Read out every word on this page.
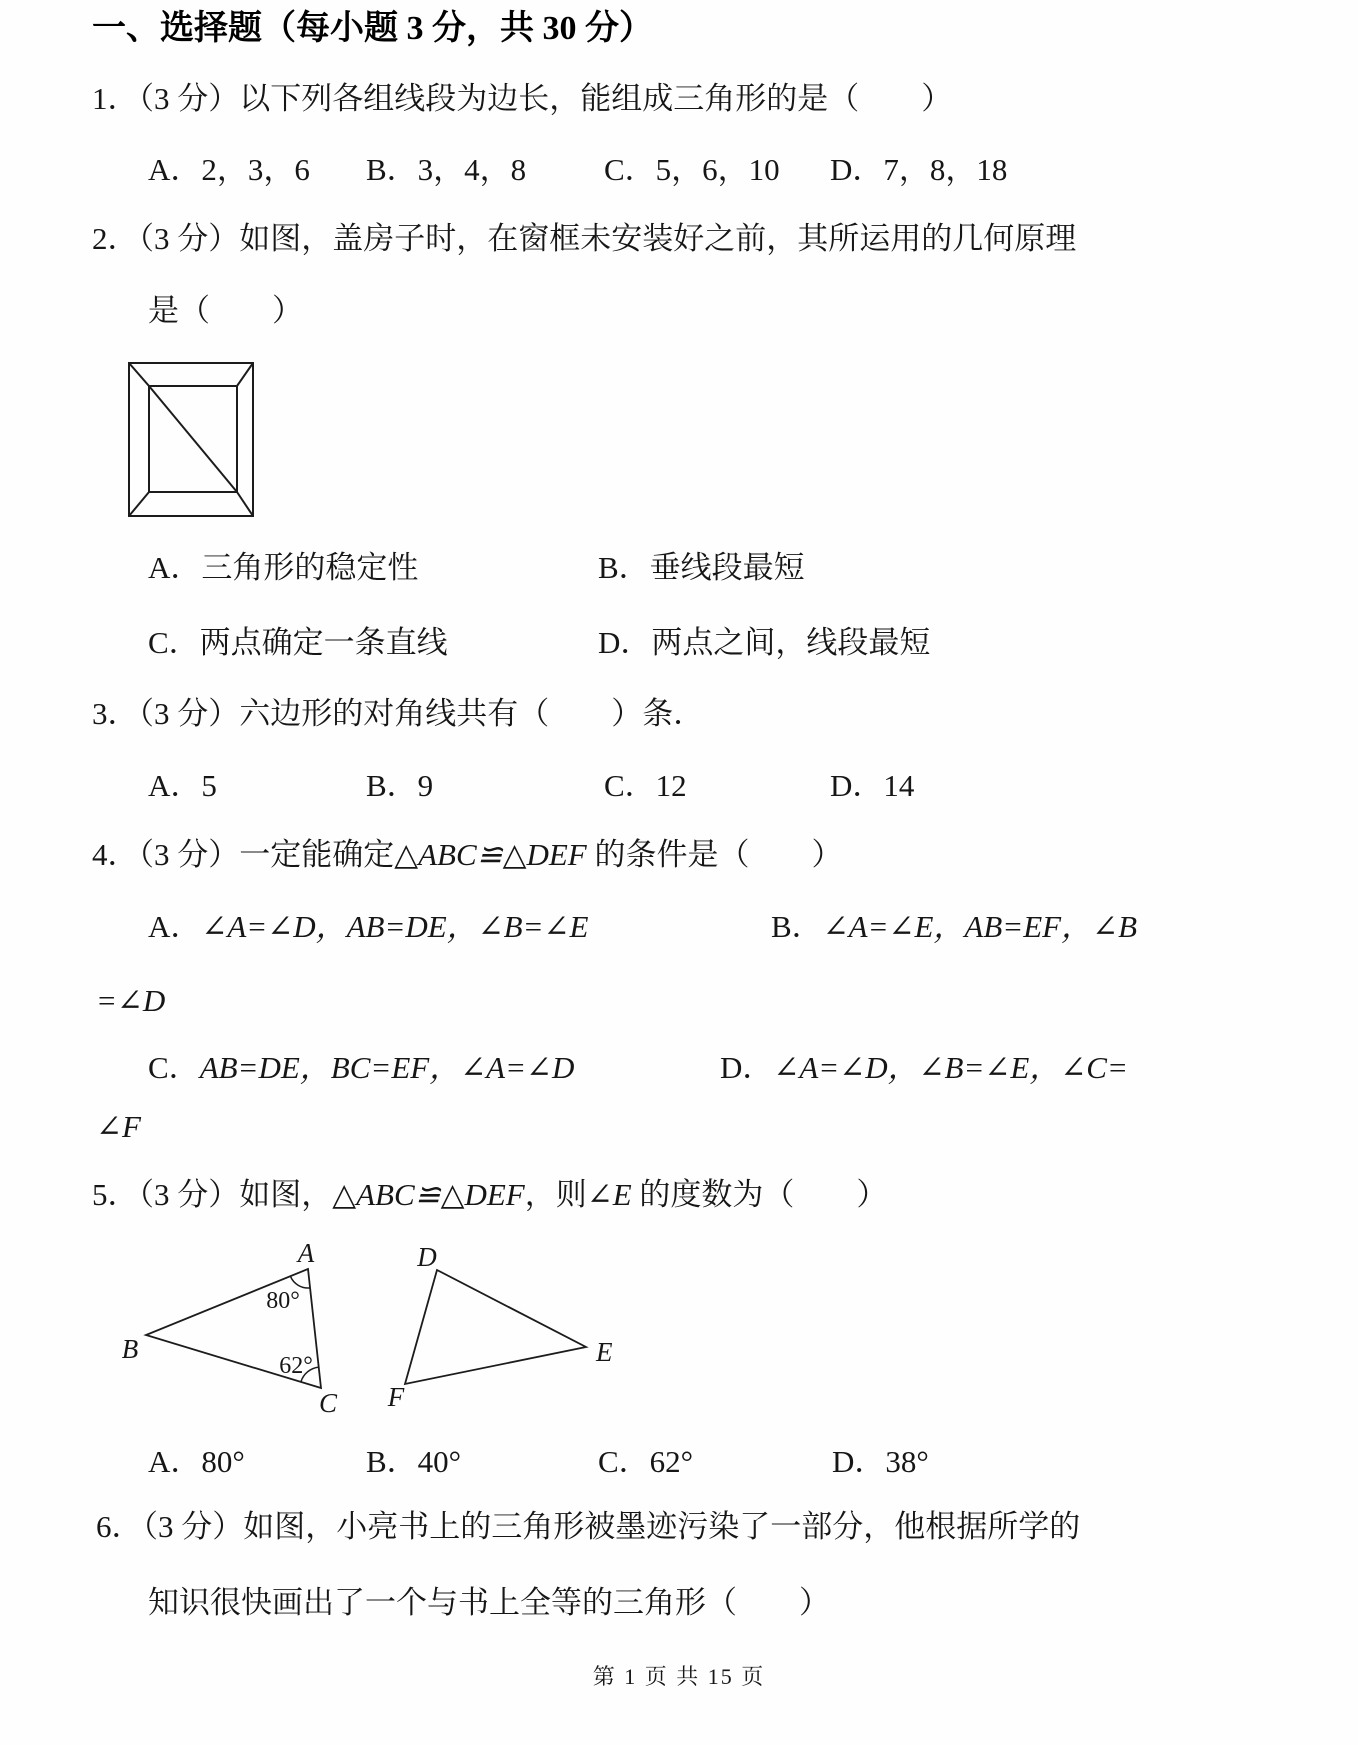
一、选择题（每小题 3 分，共 30 分）
1．（3 分）以下列各组线段为边长，能组成三角形的是（　　）
A．2，3，6 B．3，4，8	C．5，6，10 D．7，8，18
2．（3 分）如图，盖房子时，在窗框未安装好之前，其所运用的几何原理
是（　　）
A．三角形的稳定性	B．垂线段最短
C．两点确定一条直线	D．两点之间，线段最短
3．（3 分）六边形的对角线共有（　　）条．
A．5	B．9	C．12	D．14
4．（3 分）一定能确定△ABC≌△DEF 的条件是（　　）
A．∠A=∠D，AB=DE，∠B=∠E	B．∠A=∠E，AB=EF，∠B
=∠D
C．AB=DE，BC=EF，∠A=∠D	D．∠A=∠D，∠B=∠E，∠C=
∠F
5．（3 分）如图，△ABC≌△DEF，则∠E 的度数为（　　）
A
B
C
D
E
F
80°
62°
A．80°	B．40°	C．62°	D．38°
6．（3 分）如图，小亮书上的三角形被墨迹污染了一部分，他根据所学的
知识很快画出了一个与书上全等的三角形（　　）
第 1 页 共 15 页
